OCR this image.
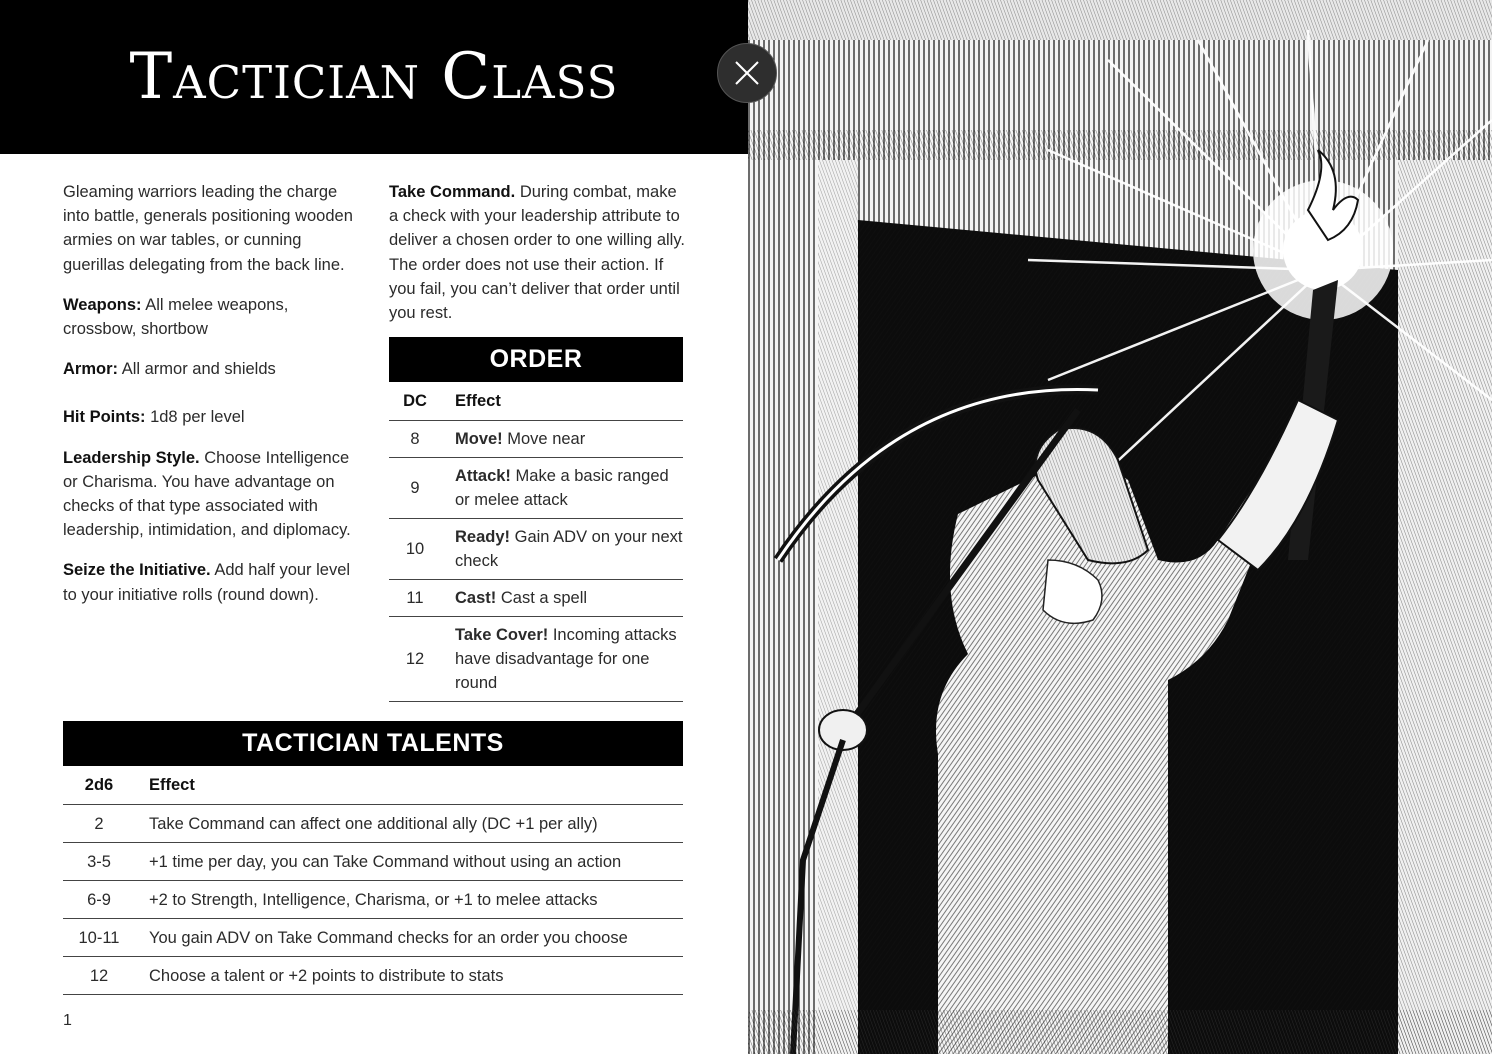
Tactician Class

Gleaming warriors leading the charge into battle, generals positioning wooden armies on war tables, or cunning guerillas delegating from the back line.

Weapons: All melee weapons, crossbow, shortbow

Armor: All armor and shields

Hit Points: 1d8 per level

Leadership Style. Choose Intelligence or Charisma. You have advantage on checks of that type associated with leadership, intimidation, and diplomacy.

Seize the Initiative. Add half your level to your initiative rolls (round down).

Take Command. During combat, make a check with your leadership attribute to deliver a chosen order to one willing ally. The order does not use their action. If you fail, you can’t deliver that order until you rest.

ORDER
DC	Effect
8	Move! Move near
9	Attack! Make a basic ranged or melee attack
10	Ready! Gain ADV on your next check
11	Cast! Cast a spell
12	Take Cover! Incoming attacks have disadvantage for one round
TACTICIAN TALENTS
2d6	Effect
2	Take Command can affect one additional ally (DC +1 per ally)
3-5	+1 time per day, you can Take Command without using an action
6-9	+2 to Strength, Intelligence, Charisma, or +1 to melee attacks
10-11	You gain ADV on Take Command checks for an order you choose
12	Choose a talent or +2 points to distribute to stats
1
